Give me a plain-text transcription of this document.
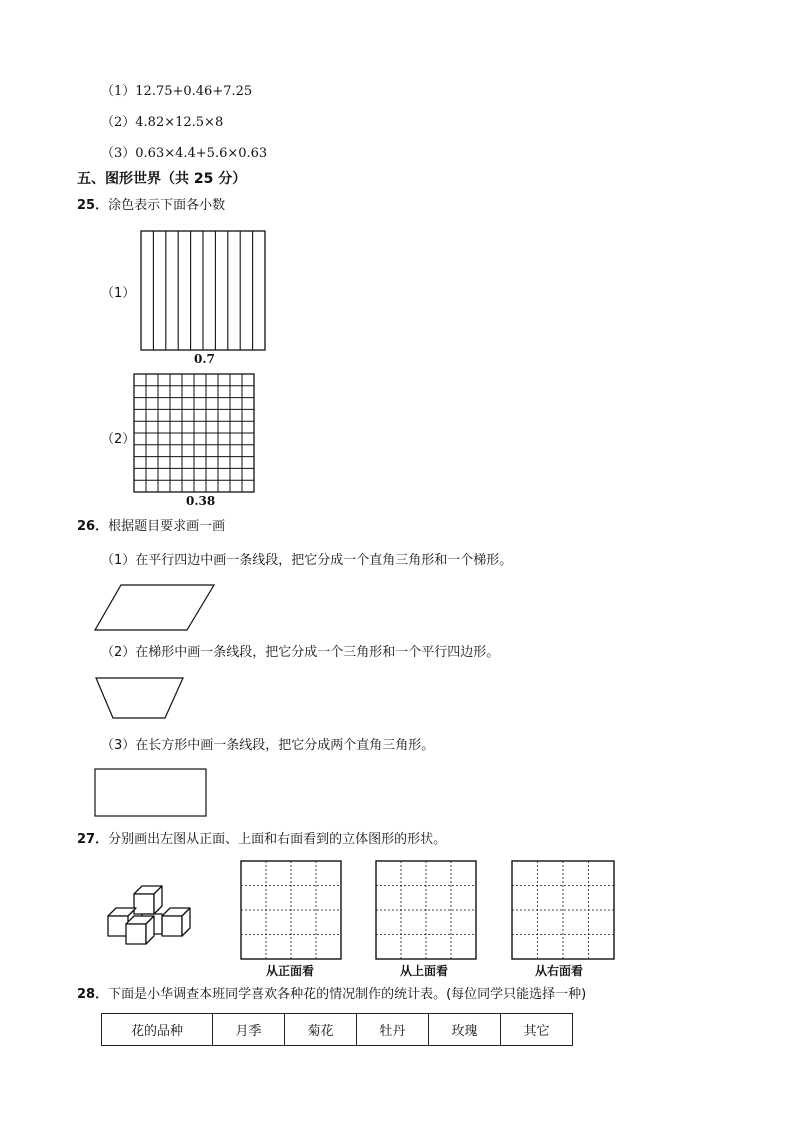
（1）12.75+0.46+7.25
（2）4.82×12.5×8
（3）0.63×4.4+5.6×0.63
五、图形世界（共 25 分）
25．涂色表示下面各小数
（1）
0.7
（2）
0.38
26．根据题目要求画一画
（1）在平行四边中画一条线段，把它分成一个直角三角形和一个梯形。
（2）在梯形中画一条线段，把它分成一个三角形和一个平行四边形。
（3）在长方形中画一条线段，把它分成两个直角三角形。
27．分别画出左图从正面、上面和右面看到的立体图形的形状。
从正面看	从上面看	从右面看
28．下面是小华调查本班同学喜欢各种花的情况制作的统计表。(每位同学只能选择一种)
花的品种	月季	菊花	牡丹	玫瑰	其它
